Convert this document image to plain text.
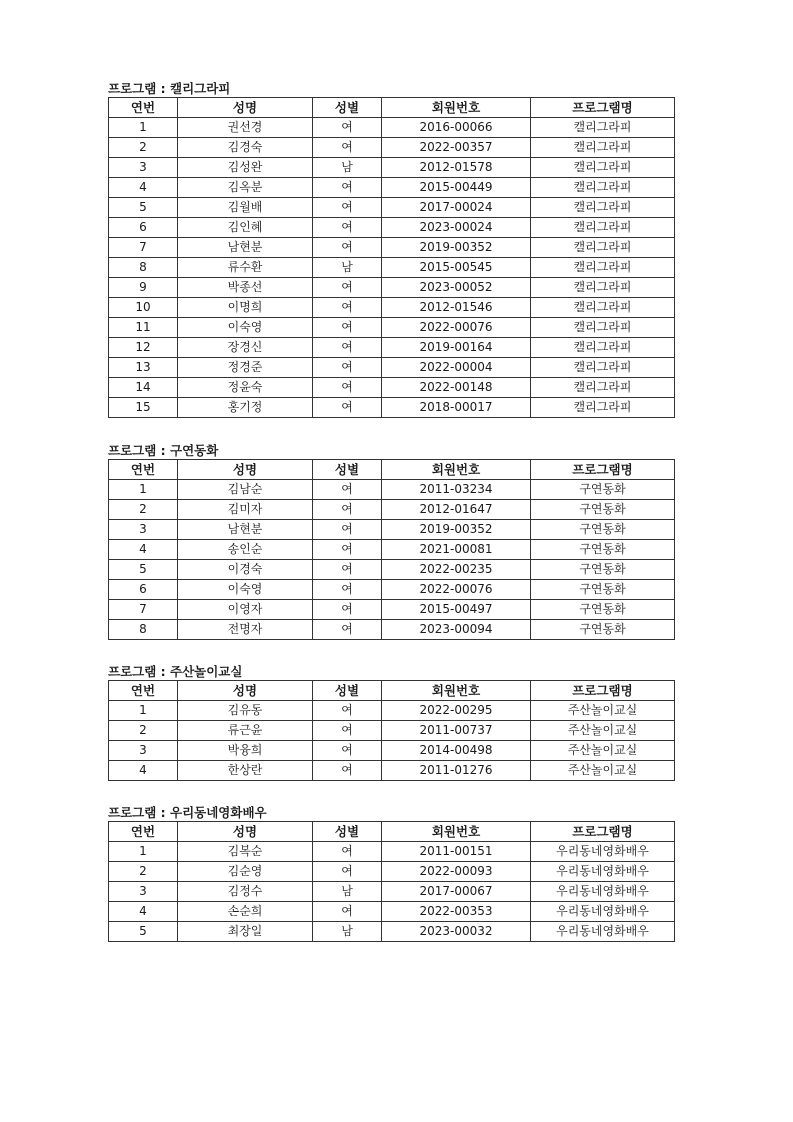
프로그램 : 캘리그라피
연번	성명	성별	회원번호	프로그램명
1	권선경	여	2016-00066	캘리그라피
2	김경숙	여	2022-00357	캘리그라피
3	김성완	남	2012-01578	캘리그라피
4	김옥분	여	2015-00449	캘리그라피
5	김월배	여	2017-00024	캘리그라피
6	김인혜	여	2023-00024	캘리그라피
7	남현분	여	2019-00352	캘리그라피
8	류수환	남	2015-00545	캘리그라피
9	박종선	여	2023-00052	캘리그라피
10	이명희	여	2012-01546	캘리그라피
11	이숙영	여	2022-00076	캘리그라피
12	장경신	여	2019-00164	캘리그라피
13	정경준	여	2022-00004	캘리그라피
14	정윤숙	여	2022-00148	캘리그라피
15	홍기정	여	2018-00017	캘리그라피
프로그램 : 구연동화
연번	성명	성별	회원번호	프로그램명
1	김남순	여	2011-03234	구연동화
2	김미자	여	2012-01647	구연동화
3	남현분	여	2019-00352	구연동화
4	송인순	여	2021-00081	구연동화
5	이경숙	여	2022-00235	구연동화
6	이숙영	여	2022-00076	구연동화
7	이영자	여	2015-00497	구연동화
8	전명자	여	2023-00094	구연동화
프로그램 : 주산놀이교실
연번	성명	성별	회원번호	프로그램명
1	김유동	여	2022-00295	주산놀이교실
2	류근윤	여	2011-00737	주산놀이교실
3	박융희	여	2014-00498	주산놀이교실
4	한상란	여	2011-01276	주산놀이교실
프로그램 : 우리동네영화배우
연번	성명	성별	회원번호	프로그램명
1	김복순	여	2011-00151	우리동네영화배우
2	김순영	여	2022-00093	우리동네영화배우
3	김정수	남	2017-00067	우리동네영화배우
4	손순희	여	2022-00353	우리동네영화배우
5	최장일	남	2023-00032	우리동네영화배우
